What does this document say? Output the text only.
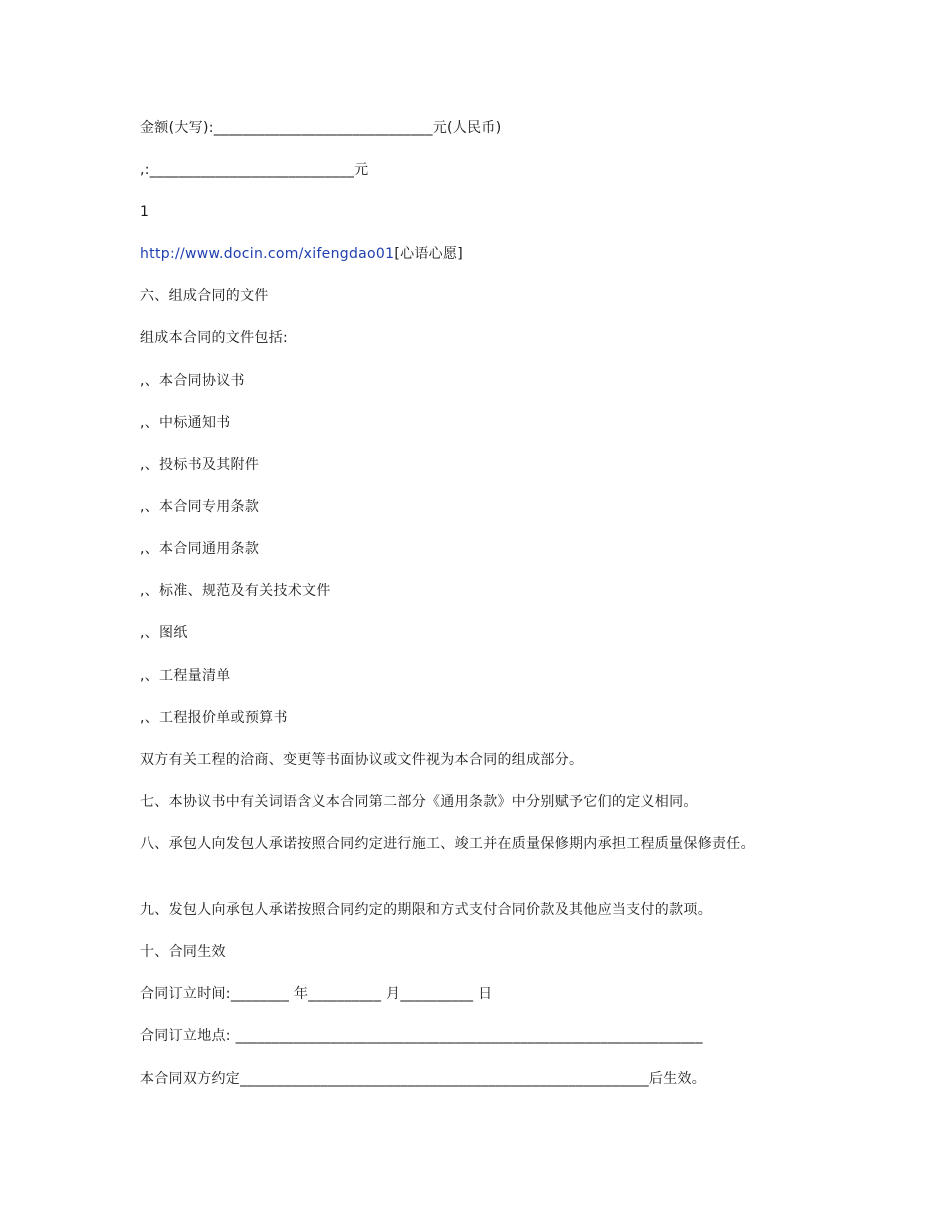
金额(大写):______________________________元(人民币)
,:____________________________元
1
http://www.docin.com/xifengdao01[心语心愿]
六、组成合同的文件
组成本合同的文件包括:
,、本合同协议书
,、中标通知书
,、投标书及其附件
,、本合同专用条款
,、本合同通用条款
,、标准、规范及有关技术文件
,、图纸
,、工程量清单
,、工程报价单或预算书
双方有关工程的洽商、变更等书面协议或文件视为本合同的组成部分。
七、本协议书中有关词语含义本合同第二部分《通用条款》中分别赋予它们的定义相同。
八、承包人向发包人承诺按照合同约定进行施工、竣工并在质量保修期内承担工程质量保修责任。
九、发包人向承包人承诺按照合同约定的期限和方式支付合同价款及其他应当支付的款项。
十、合同生效
合同订立时间:________ 年__________ 月__________ 日
合同订立地点: ________________________________________________________________
本合同双方约定________________________________________________________后生效。
